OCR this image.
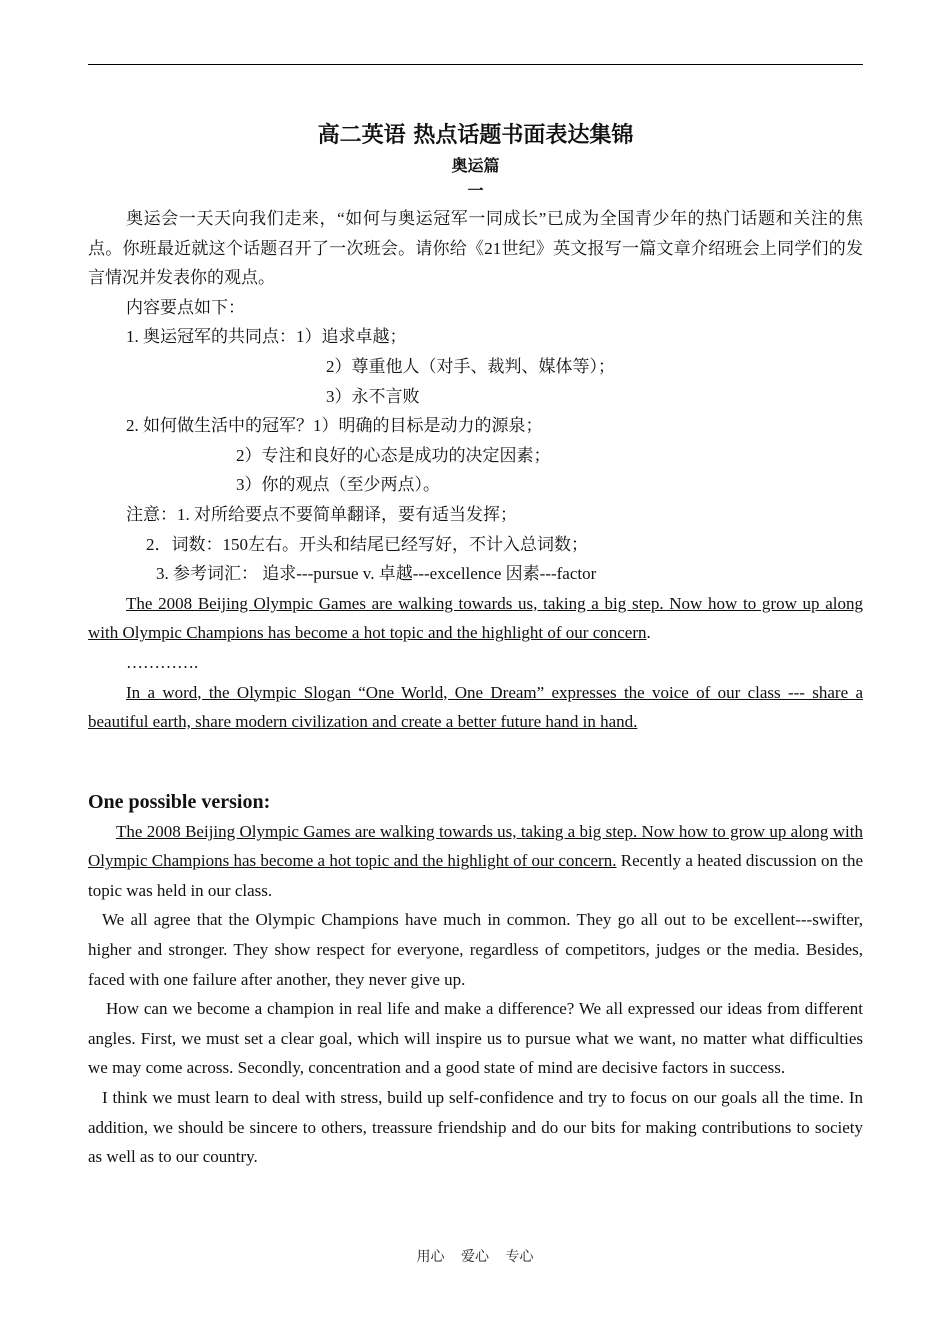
高二英语 热点话题书面表达集锦
奥运篇
一

奥运会一天天向我们走来，“如何与奥运冠军一同成长”已成为全国青少年的热门话题和关注的焦点。你班最近就这个话题召开了一次班会。请你给《21世纪》英文报写一篇文章介绍班会上同学们的发言情况并发表你的观点。

内容要点如下：

1. 奥运冠军的共同点：1）追求卓越；

2）尊重他人（对手、裁判、媒体等）；

3）永不言败

2. 如何做生活中的冠军？1）明确的目标是动力的源泉；

2）专注和良好的心态是成功的决定因素；

3）你的观点（至少两点）。

注意：1. 对所给要点不要简单翻译，要有适当发挥；

2．词数：150左右。开头和结尾已经写好，不计入总词数；

3. 参考词汇： 追求---pursue v. 卓越---excellence 因素---factor

The 2008 Beijing Olympic Games are walking towards us, taking a big step. Now how to grow up along with Olympic Champions has become a hot topic and the highlight of our concern.

………….

In a word, the Olympic Slogan “One World, One Dream” expresses the voice of our class --- share a beautiful earth, share modern civilization and create a better future hand in hand.

One possible version:

The 2008 Beijing Olympic Games are walking towards us, taking a big step. Now how to grow up along with Olympic Champions has become a hot topic and the highlight of our concern. Recently a heated discussion on the topic was held in our class.

We all agree that the Olympic Champions have much in common. They go all out to be excellent---swifter, higher and stronger. They show respect for everyone, regardless of competitors, judges or the media. Besides, faced with one failure after another, they never give up.

How can we become a champion in real life and make a difference? We all expressed our ideas from different angles. First, we must set a clear goal, which will inspire us to pursue what we want, no matter what difficulties we may come across. Secondly, concentration and a good state of mind are decisive factors in success.

I think we must learn to deal with stress, build up self-confidence and try to focus on our goals all the time. In addition, we should be sincere to others, treassure friendship and do our bits for making contributions to society as well as to our country.

用心 爱心 专心
